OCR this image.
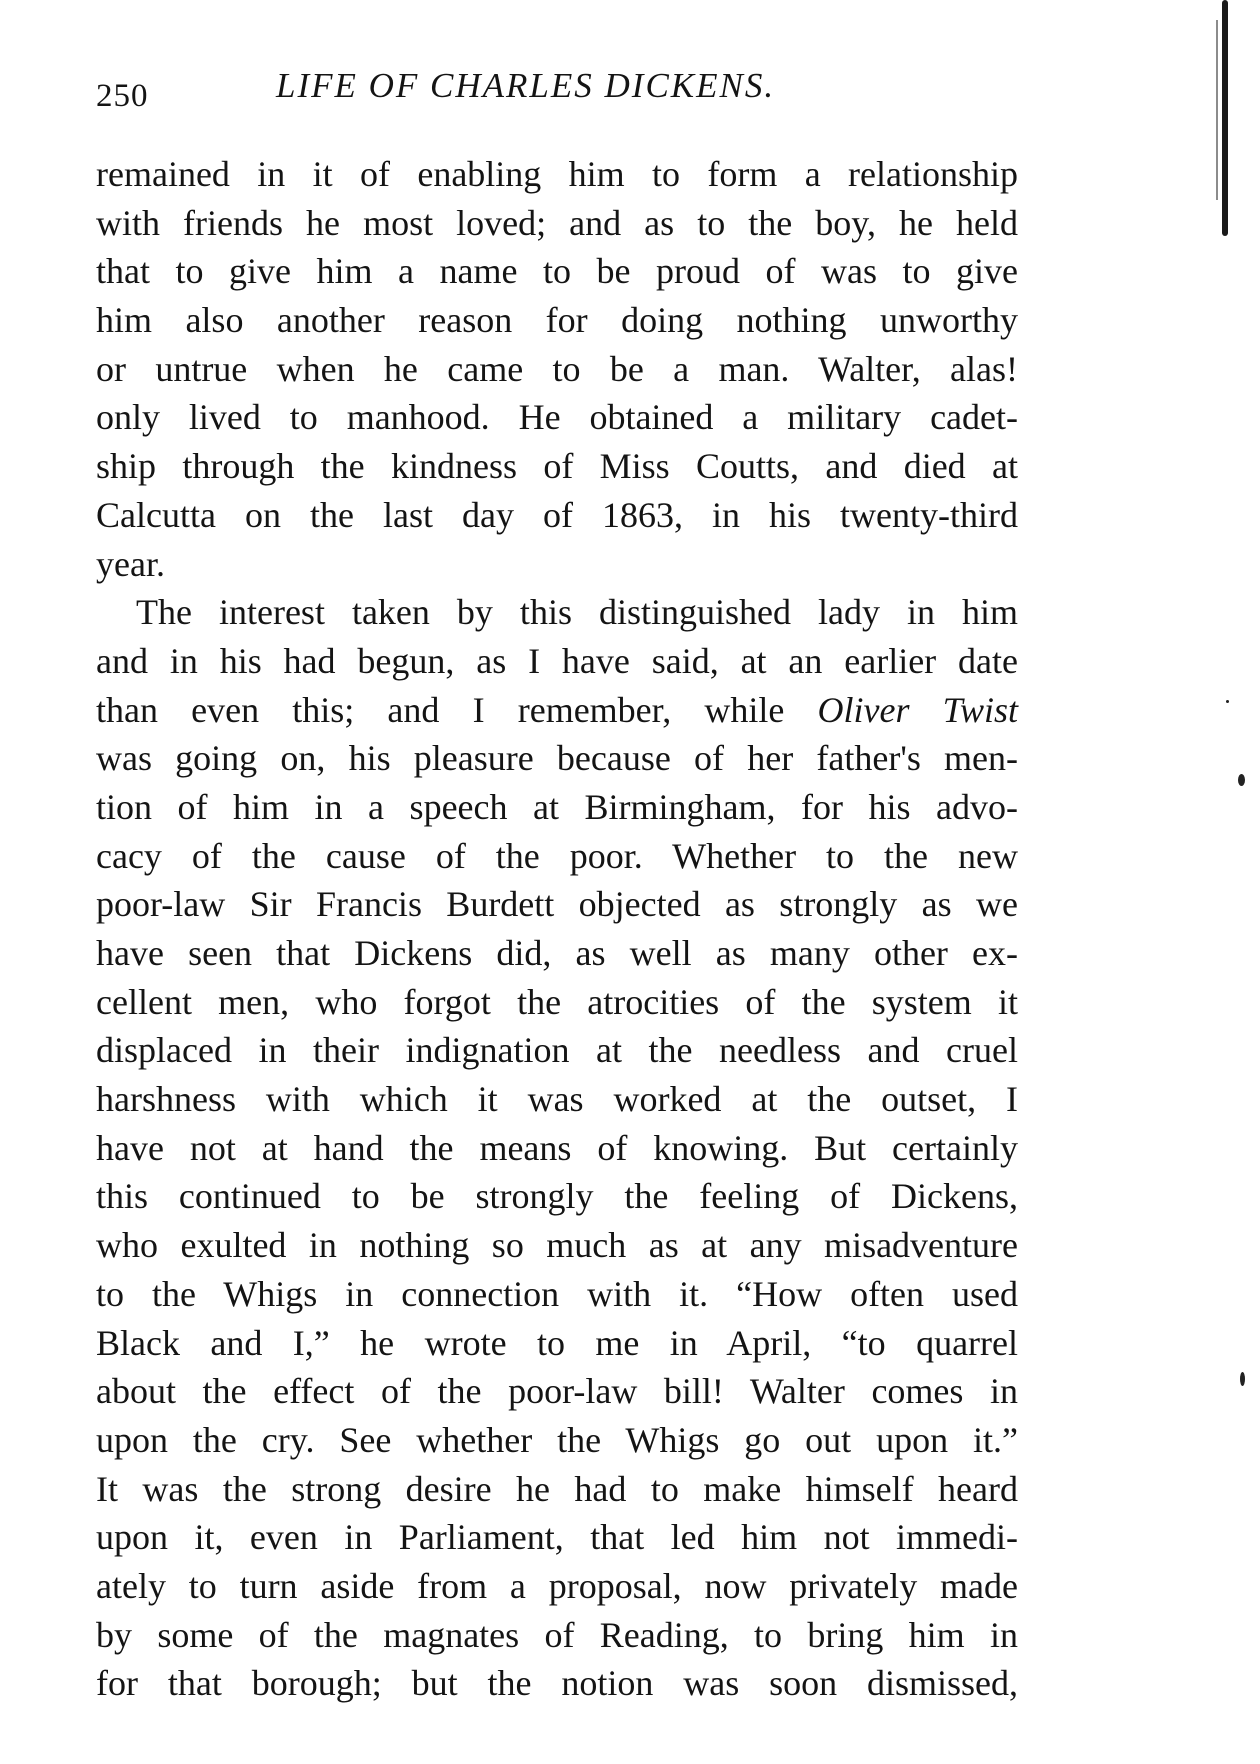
250	LIFE OF CHARLES DICKENS.
remained in it of enabling him to form a relationship
with friends he most loved; and as to the boy, he held
that to give him a name to be proud of was to give
him also another reason for doing nothing unworthy
or untrue when he came to be a man. Walter, alas!
only lived to manhood. He obtained a military cadet-
ship through the kindness of Miss Coutts, and died at
Calcutta on the last day of 1863, in his twenty-third
year.
The interest taken by this distinguished lady in him
and in his had begun, as I have said, at an earlier date
than even this; and I remember, while Oliver Twist
was going on, his pleasure because of her father's men-
tion of him in a speech at Birmingham, for his advo-
cacy of the cause of the poor. Whether to the new
poor-law Sir Francis Burdett objected as strongly as we
have seen that Dickens did, as well as many other ex-
cellent men, who forgot the atrocities of the system it
displaced in their indignation at the needless and cruel
harshness with which it was worked at the outset, I
have not at hand the means of knowing. But certainly
this continued to be strongly the feeling of Dickens,
who exulted in nothing so much as at any misadventure
to the Whigs in connection with it. “How often used
Black and I,” he wrote to me in April, “to quarrel
about the effect of the poor-law bill! Walter comes in
upon the cry. See whether the Whigs go out upon it.”
It was the strong desire he had to make himself heard
upon it, even in Parliament, that led him not immedi-
ately to turn aside from a proposal, now privately made
by some of the magnates of Reading, to bring him in
for that borough; but the notion was soon dismissed,
